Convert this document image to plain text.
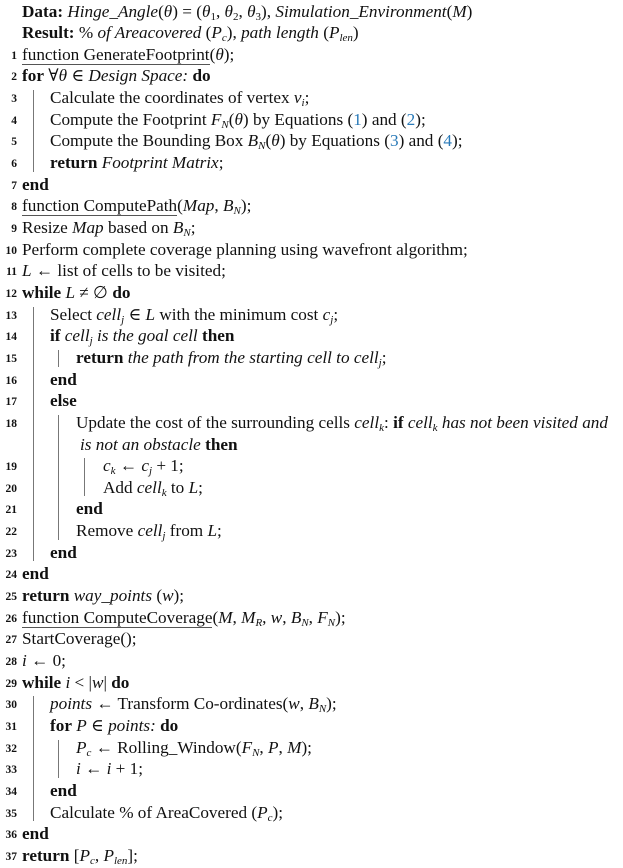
Data: Hinge_Angle(θ) = ($\theta_1$, $\theta_2$, $\theta_3$), Simulation_Environment(M)
Result: % of Areacovered $(P_c)$, path length $(P_{len})$
1 function GenerateFootprint(θ);
2 for ∀θ ∈ Design Space: do
3 Calculate the coordinates of vertex $v_i$;
4 Compute the Footprint $F_N(\theta)$ by Equations (1) and (2);
5 Compute the Bounding Box $B_N(\theta)$ by Equations (3) and (4);
6 return Footprint Matrix;
7 end
8 function ComputePath(Map, $B_N$);
9 Resize Map based on $B_N$;
10 Perform complete coverage planning using wavefront algorithm;
11 L ← list of cells to be visited;
12 while L ≠ ∅ do
13 Select cell$_j$ ∈ L with the minimum cost $c_j$;
14 if cell$_j$ is the goal cell then
15	return the path from the starting cell to cell$_j$;
16 end
17 else
18	Update the cost of the surrounding cells cell$_k$: if cell$_k$ has not been visited and
is not an obstacle then
19	$c_k$ ← $c_j + 1$;
20	Add cell$_k$ to L;
21	end
22	Remove cell$_j$ from L;
23 end
24 end
25 return way_points (w);
26 function ComputeCoverage(M, $M_R$, w, $B_N$, $F_N$);
27 StartCoverage();
28 i ← 0;
29 while i < |w| do
30 points ← Transform Co-ordinates(w, $B_N$);
31 for P ∈ points: do
32	$P_c$ ← $Rolling\_Window(F_N$, P, M);
33	i ← i + 1;
34 end
35 Calculate % of AreaCovered $(P_c)$;
36 end
37 return [$P_c$, $P_{len}$];
